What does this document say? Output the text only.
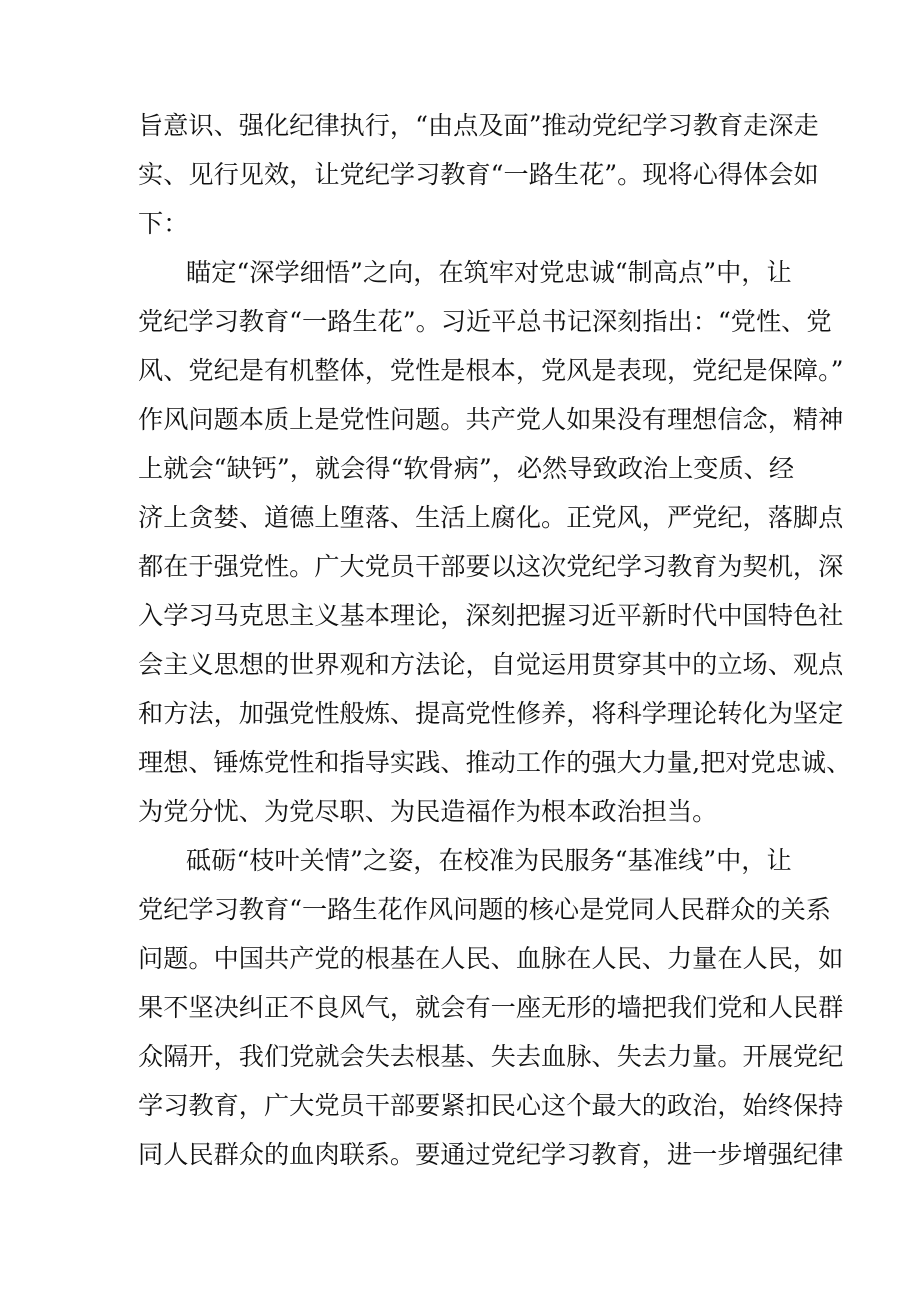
旨意识、强化纪律执行，“由点及面”推动党纪学习教育走深走
实、见行见效，让党纪学习教育“一路生花”。现将心得体会如
下：
瞄定“深学细悟”之向，在筑牢对党忠诚“制高点”中，让
党纪学习教育“一路生花”。习近平总书记深刻指出：“党性、党
风、党纪是有机整体，党性是根本，党风是表现，党纪是保障。”
作风问题本质上是党性问题。共产党人如果没有理想信念，精神
上就会“缺钙”，就会得“软骨病”，必然导致政治上变质、经
济上贪婪、道德上堕落、生活上腐化。正党风，严党纪，落脚点
都在于强党性。广大党员干部要以这次党纪学习教育为契机，深
入学习马克思主义基本理论，深刻把握习近平新时代中国特色社
会主义思想的世界观和方法论，自觉运用贯穿其中的立场、观点
和方法，加强党性般炼、提高党性修养，将科学理论转化为坚定
理想、锤炼党性和指导实践、推动工作的强大力量,把对党忠诚、
为党分忧、为党尽职、为民造福作为根本政治担当。
砥砺“枝叶关情”之姿，在校准为民服务“基准线”中，让
党纪学习教育“一路生花作风问题的核心是党同人民群众的关系
问题。中国共产党的根基在人民、血脉在人民、力量在人民，如
果不坚决纠正不良风气，就会有一座无形的墙把我们党和人民群
众隔开，我们党就会失去根基、失去血脉、失去力量。开展党纪
学习教育，广大党员干部要紧扣民心这个最大的政治，始终保持
同人民群众的血肉联系。要通过党纪学习教育，进一步增强纪律
